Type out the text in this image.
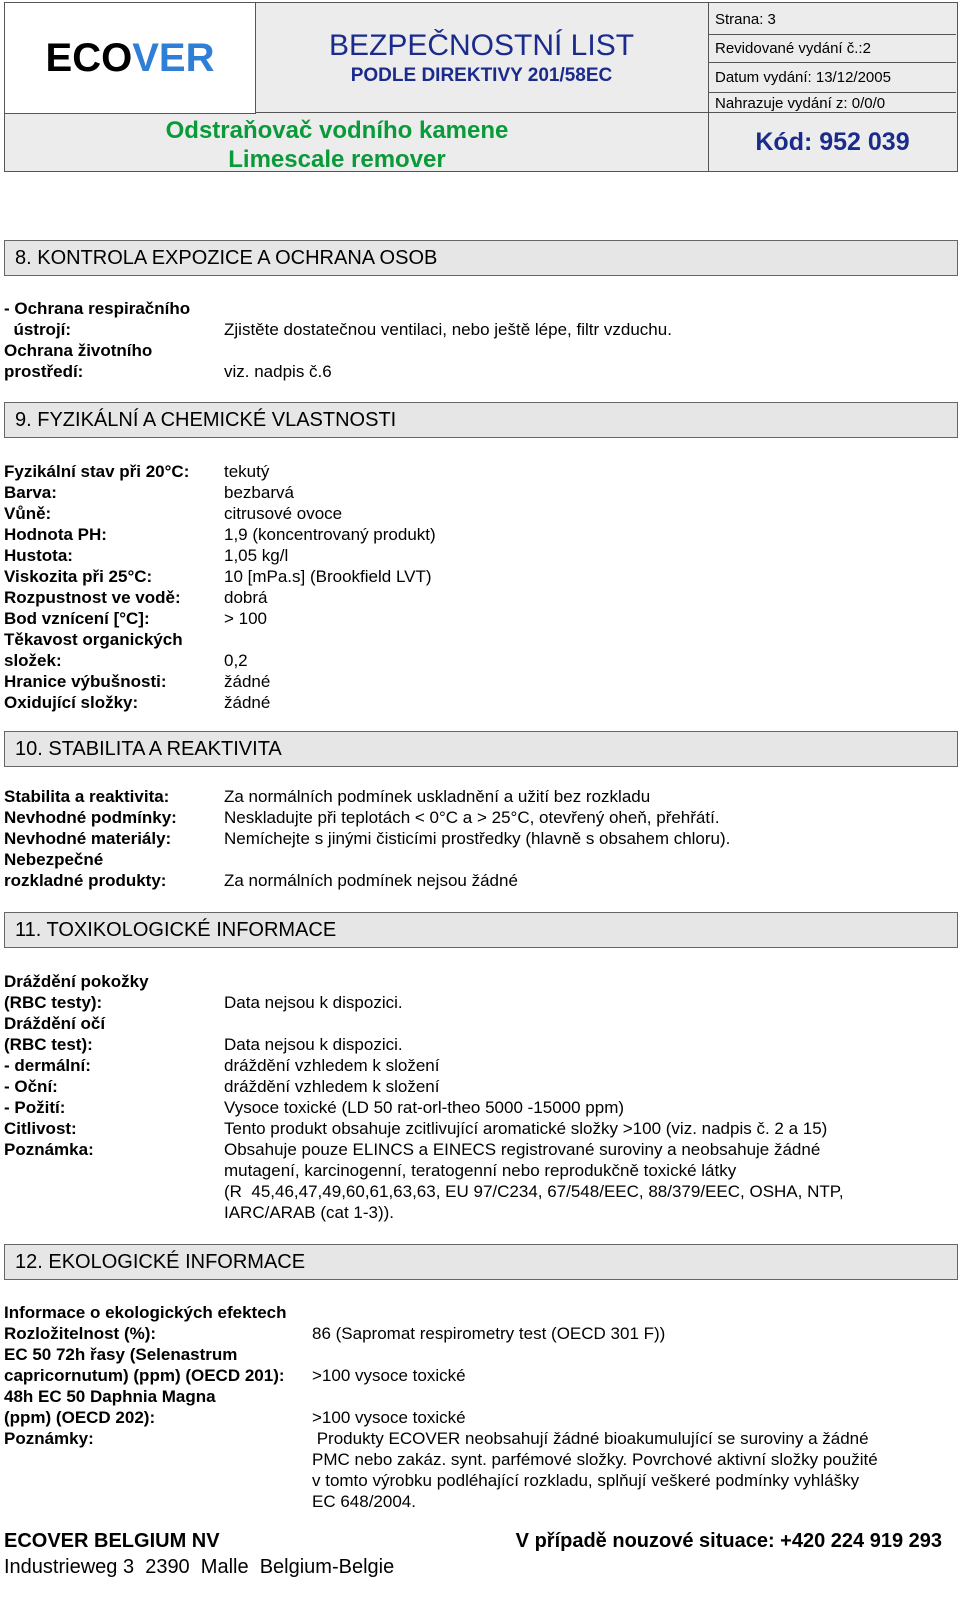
ECO VER	BEZPEČNOSTNÍ LIST
PODLE DIREKTIVY 201/58EC
Strana: 3
Revidované vydání č.:2
Datum vydání: 13/12/2005
Nahrazuje vydání z: 0/0/0
Odstraňovač vodního kamene
Limescale remover
Kód: 952 039
8. KONTROLA EXPOZICE A OCHRANA OSOB
- Ochrana respiračního
ústrojí:	Zjistěte dostatečnou ventilaci, nebo ještě lépe, filtr vzduchu.
Ochrana životního
prostředí:	viz. nadpis č.6
9. FYZIKÁLNÍ A CHEMICKÉ VLASTNOSTI
Fyzikální stav při 20°C: tekutý
Barva:	bezbarvá
Vůně:	citrusové ovoce
Hodnota PH:	1,9 (koncentrovaný produkt)
Hustota:	1,05 kg/l
Viskozita při 25°C:	10 [mPa.s] (Brookfield LVT)
Rozpustnost ve vodě:	dobrá
Bod vznícení [°C]:	> 100
Těkavost organických
složek:	0,2
Hranice výbušnosti:	žádné
Oxidující složky:	žádné
10. STABILITA A REAKTIVITA
Stabilita a reaktivita:	Za normálních podmínek uskladnění a užití bez rozkladu
Nevhodné podmínky:	Neskladujte při teplotách < 0°C a > 25°C, otevřený oheň, přehřátí.
Nevhodné materiály:	Nemíchejte s jinými čisticími prostředky (hlavně s obsahem chloru).
Nebezpečné
rozkladné produkty:	Za normálních podmínek nejsou žádné
11. TOXIKOLOGICKÉ INFORMACE
Dráždění pokožky
(RBC testy):	Data nejsou k dispozici.
Dráždění očí
(RBC test):	Data nejsou k dispozici.
- dermální:	dráždění vzhledem k složení
- Oční:	dráždění vzhledem k složení
- Požití:	Vysoce toxické (LD 50 rat-orl-theo 5000 -15000 ppm)
Citlivost:	Tento produkt obsahuje zcitlivující aromatické složky >100 (viz. nadpis č. 2 a 15)
Poznámka:	Obsahuje pouze ELINCS a EINECS registrované suroviny a neobsahuje žádné
mutagení, karcinogenní, teratogenní nebo reprodukčně toxické látky
(R  45,46,47,49,60,61,63,63, EU 97/C234, 67/548/EEC, 88/379/EEC, OSHA, NTP,
IARC/ARAB (cat 1-3)).
12. EKOLOGICKÉ INFORMACE
Informace o ekologických efektech
Rozložitelnost (%):	86 (Sapromat respirometry test (OECD 301 F))
EC 50 72h řasy (Selenastrum
capricornutum) (ppm) (OECD 201): >100 vysoce toxické
48h EC 50 Daphnia Magna
(ppm) (OECD 202):	>100 vysoce toxické
Poznámky:	Produkty ECOVER neobsahují žádné bioakumulující se suroviny a žádné
PMC nebo zakáz. synt. parfémové složky. Povrchové aktivní složky použité
v tomto výrobku podléhající rozkladu, splňují veškeré podmínky vyhlášky
EC 648/2004.
ECOVER BELGIUM NV
Industrieweg 3  2390  Malle  Belgium-Belgie
V případě nouzové situace: +420 224 919 293
